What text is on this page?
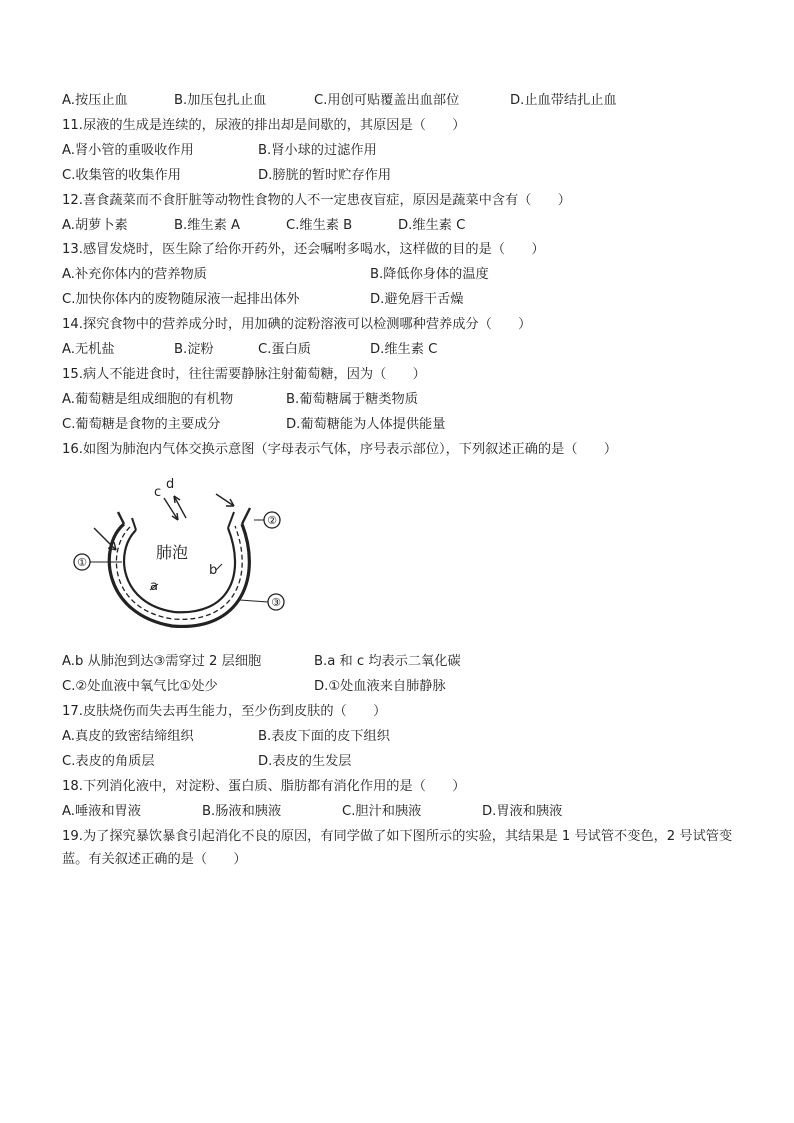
A.按压止血	B.加压包扎止血	C.用创可贴覆盖出血部位	D.止血带结扎止血
11.尿液的生成是连续的，尿液的排出却是间歇的，其原因是（　　）
A.肾小管的重吸收作用	B.肾小球的过滤作用
C.收集管的收集作用	D.膀胱的暂时贮存作用
12.喜食蔬菜而不食肝脏等动物性食物的人不一定患夜盲症，原因是蔬菜中含有（　　）
A.胡萝卜素	B.维生素 A	C.维生素 B	D.维生素 C
13.感冒发烧时，医生除了给你开药外，还会嘱咐多喝水，这样做的目的是（　　）
A.补充你体内的营养物质	B.降低你身体的温度
C.加快你体内的废物随尿液一起排出体外	D.避免唇干舌燥
14.探究食物中的营养成分时，用加碘的淀粉溶液可以检测哪种营养成分（　　）
A.无机盐	B.淀粉	C.蛋白质	D.维生素 C
15.病人不能进食时，往往需要静脉注射葡萄糖，因为（　　）
A.葡萄糖是组成细胞的有机物	B.葡萄糖属于糖类物质
C.葡萄糖是食物的主要成分	D.葡萄糖能为人体提供能量
16.如图为肺泡内气体交换示意图（字母表示气体，序号表示部位），下列叙述正确的是（　　）
肺泡
a
b
c
d
①
②
③
A.b 从肺泡到达③需穿过 2 层细胞	B.a 和 c 均表示二氧化碳
C.②处血液中氧气比①处少	D.①处血液来自肺静脉
17.皮肤烧伤而失去再生能力，至少伤到皮肤的（　　）
A.真皮的致密结缔组织	B.表皮下面的皮下组织
C.表皮的角质层	D.表皮的生发层
18.下列消化液中，对淀粉、蛋白质、脂肪都有消化作用的是（　　）
A.唾液和胃液	B.肠液和胰液	C.胆汁和胰液	D.胃液和胰液
19.为了探究暴饮暴食引起消化不良的原因，有同学做了如下图所示的实验，其结果是 1 号试管不变色，2 号试管变蓝。有关叙述正确的是（　　）
